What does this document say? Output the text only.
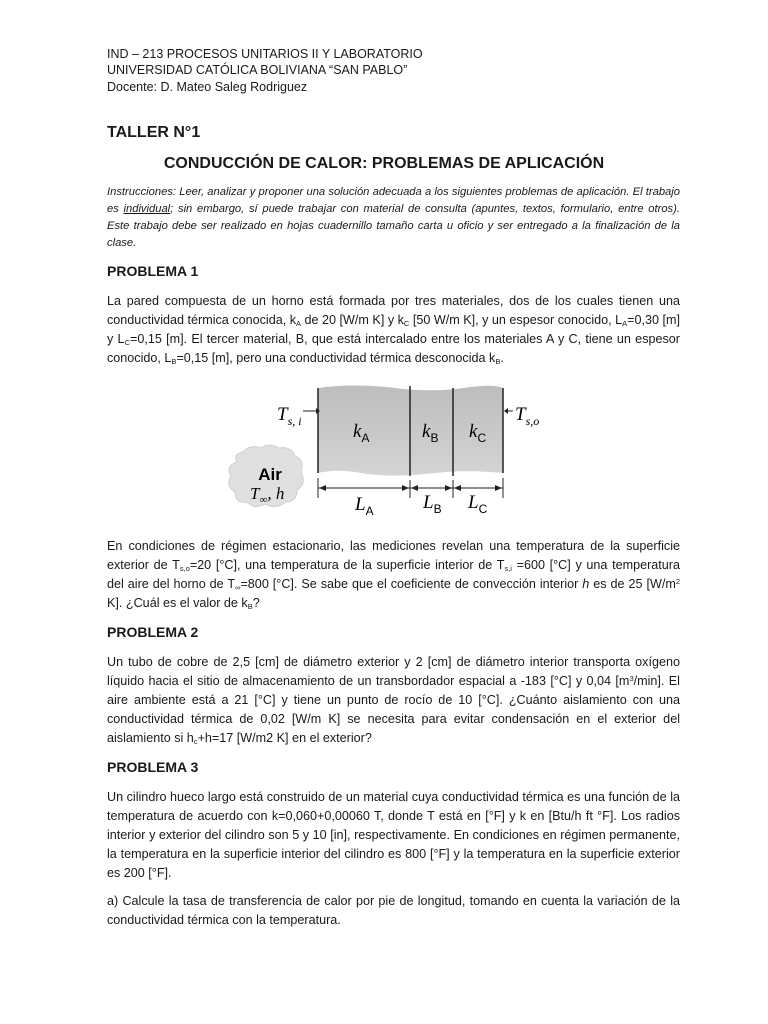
IND – 213 PROCESOS UNITARIOS II Y LABORATORIO
UNIVERSIDAD CATÓLICA BOLIVIANA “SAN PABLO”
Docente: D. Mateo Saleg Rodriguez
TALLER N°1
CONDUCCIÓN DE CALOR: PROBLEMAS DE APLICACIÓN
Instrucciones: Leer, analizar y proponer una solución adecuada a los siguientes problemas de aplicación. El trabajo es individual; sin embargo, sí puede trabajar con material de consulta (apuntes, textos, formulario, entre otros). Este trabajo debe ser realizado en hojas cuadernillo tamaño carta u oficio y ser entregado a la finalización de la clase.
PROBLEMA 1
La pared compuesta de un horno está formada por tres materiales, dos de los cuales tienen una conductividad térmica conocida, $k_A$ de 20 [W/m K] y $k_C$ [50 W/m K], y un espesor conocido, $L_A=0,30$ [m] y $L_C=0,15$ [m]. El tercer material, B, que está intercalado entre los materiales A y C, tiene un espesor conocido, $L_B=0,15$ [m], pero una conductividad térmica desconocida $k_B$.
$T_{s, i}$	$T_{s,o}$
$k_A$	$k_B$ $k_C$
$L_A$	$L_B$ $L_C$
Air
$T_\infty$, h
En condiciones de régimen estacionario, las mediciones revelan una temperatura de la superficie exterior de $T_{s,o}=20$ [°C], una temperatura de la superficie interior de $T_{s,i} =600$ [°C] y una temperatura del aire del horno de $T_\infty=800$ [°C]. Se sabe que el coeficiente de convección interior h es de 25 [$W/m^2$ K]. ¿Cuál es el valor de $k_B$?
PROBLEMA 2
Un tubo de cobre de 2,5 [cm] de diámetro exterior y 2 [cm] de diámetro interior transporta oxígeno líquido hacia el sitio de almacenamiento de un transbordador espacial a -183 [°C] y 0,04 $[m^3/\min]$. El aire ambiente está a 21 [°C] y tiene un punto de rocío de 10 [°C]. ¿Cuánto aislamiento con una conductividad térmica de 0,02 [W/m K] se necesita para evitar condensación en el exterior del aislamiento si $h_c+h=17$ [W/m2 K] en el exterior?
PROBLEMA 3
Un cilindro hueco largo está construido de un material cuya conductividad térmica es una función de la temperatura de acuerdo con k=0,060+0,00060 T, donde T está en [°F] y k en [Btu/h ft °F]. Los radios interior y exterior del cilindro son 5 y 10 [in], respectivamente. En condiciones en régimen permanente, la temperatura en la superficie interior del cilindro es 800 [°F] y la temperatura en la superficie exterior es 200 [°F].
a) Calcule la tasa de transferencia de calor por pie de longitud, tomando en cuenta la variación de la conductividad térmica con la temperatura.
